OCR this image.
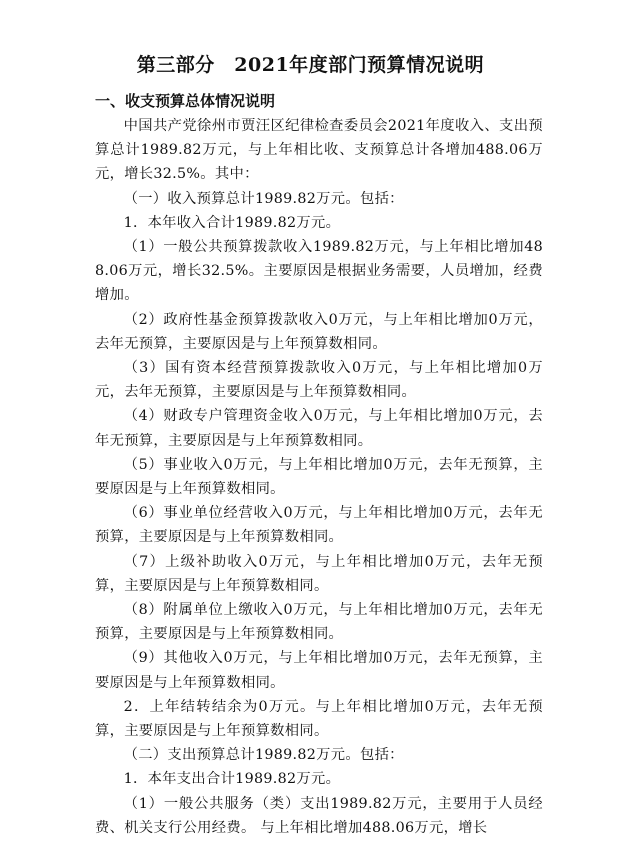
第三部分　2021年度部门预算情况说明
一、收支预算总体情况说明

中国共产党徐州市贾汪区纪律检查委员会2021年度收入、支出预算总计1989.82万元，与上年相比收、支预算总计各增加488.06万元，增长32.5%。其中：

（一）收入预算总计1989.82万元。包括：

1．本年收入合计1989.82万元。

（1）一般公共预算拨款收入1989.82万元，与上年相比增加488.06万元，增长32.5%。主要原因是根据业务需要，人员增加，经费增加。

（2）政府性基金预算拨款收入0万元，与上年相比增加0万元，去年无预算，主要原因是与上年预算数相同。

（3）国有资本经营预算拨款收入0万元，与上年相比增加0万元，去年无预算，主要原因是与上年预算数相同。

（4）财政专户管理资金收入0万元，与上年相比增加0万元，去年无预算，主要原因是与上年预算数相同。

（5）事业收入0万元，与上年相比增加0万元，去年无预算，主要原因是与上年预算数相同。

（6）事业单位经营收入0万元，与上年相比增加0万元，去年无预算，主要原因是与上年预算数相同。

（7）上级补助收入0万元，与上年相比增加0万元，去年无预算，主要原因是与上年预算数相同。

（8）附属单位上缴收入0万元，与上年相比增加0万元，去年无预算，主要原因是与上年预算数相同。

（9）其他收入0万元，与上年相比增加0万元，去年无预算，主要原因是与上年预算数相同。

2．上年结转结余为0万元。与上年相比增加0万元，去年无预算，主要原因是与上年预算数相同。

（二）支出预算总计1989.82万元。包括：

1．本年支出合计1989.82万元。

（1）一般公共服务（类）支出1989.82万元，主要用于人员经费、机关支行公用经费。 与上年相比增加488.06万元，增长
